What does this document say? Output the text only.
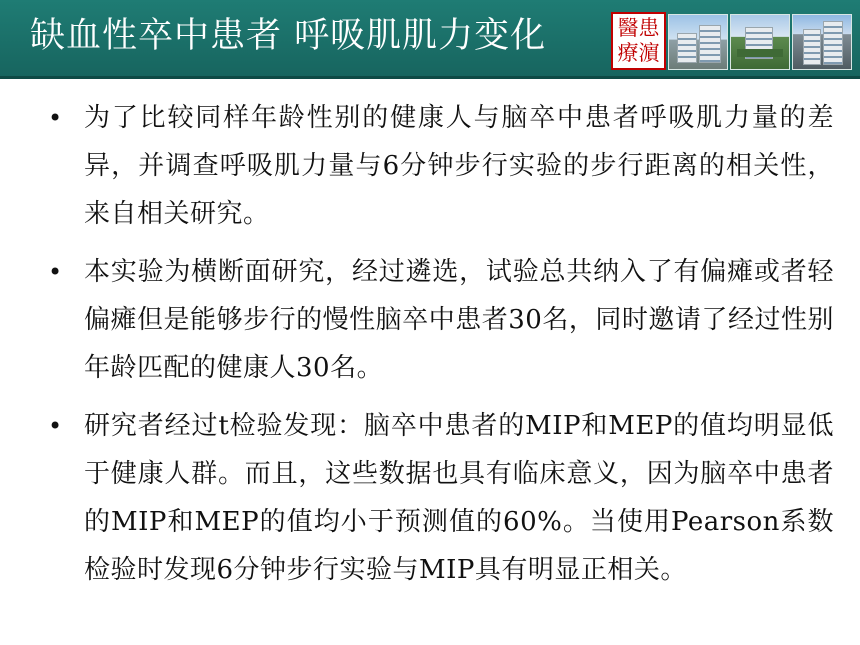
缺血性卒中患者 呼吸肌肌力变化	醫患療濵
• 为了比较同样年龄性别的健康人与脑卒中患者呼吸肌力量的差异，并调查呼吸肌力量与6分钟步行实验的步行距离的相关性，来自相关研究。
• 本实验为横断面研究，经过遴选，试验总共纳入了有偏瘫或者轻偏瘫但是能够步行的慢性脑卒中患者30名，同时邀请了经过性别年龄匹配的健康人30名。
• 研究者经过t检验发现：脑卒中患者的MIP和MEP的值均明显低于健康人群。而且，这些数据也具有临床意义，因为脑卒中患者的MIP和MEP的值均小于预测值的60%。当使用Pearson系数检验时发现6分钟步行实验与MIP具有明显正相关。
